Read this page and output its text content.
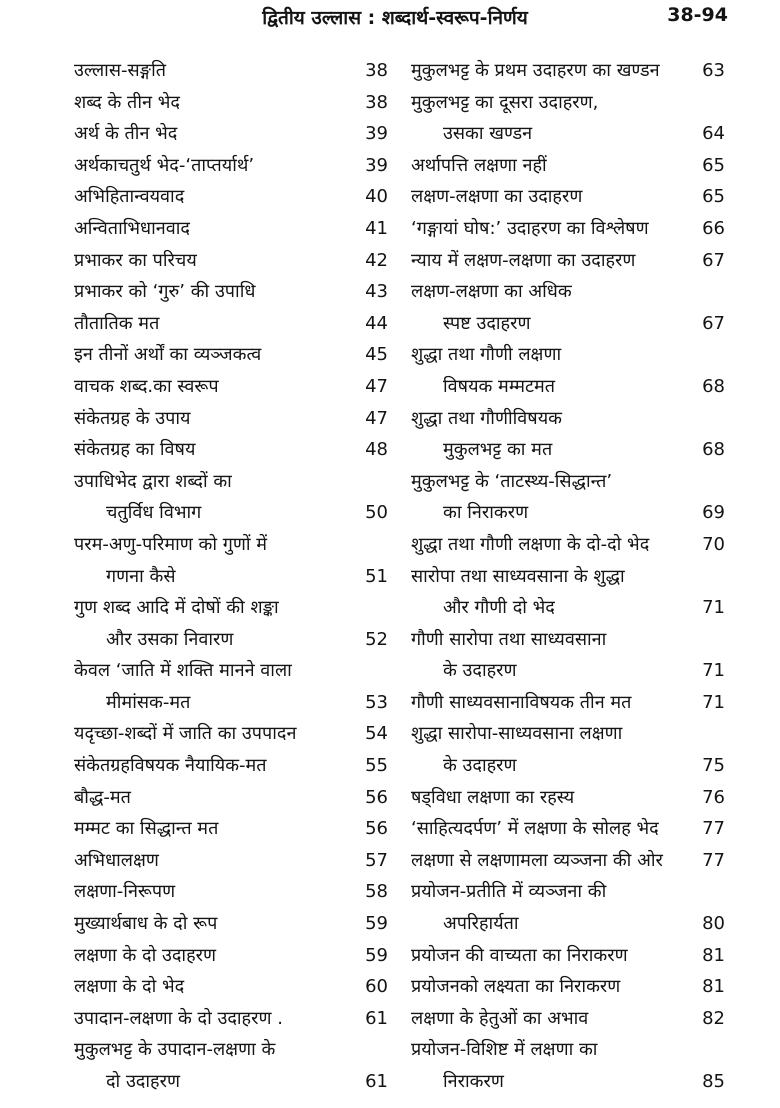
द्वितीय उल्लास : शब्दार्थ-स्वरूप-निर्णय	38-94
उल्लास-सङ्गति	38
शब्द के तीन भेद	38
अर्थ के तीन भेद	39
अर्थकाचतुर्थ भेद-‘ताप्तर्यार्थ’	39
अभिहितान्वयवाद	40
अन्विताभिधानवाद	41
प्रभाकर का परिचय	42
प्रभाकर को ‘गुरु’ की उपाधि	43
तौतातिक मत	44
इन तीनों अर्थों का व्यञ्जकत्व	45
वाचक शब्द.का स्वरूप	47
संकेतग्रह के उपाय	47
संकेतग्रह का विषय	48
उपाधिभेद द्वारा शब्दों का
चतुर्विध विभाग	50
परम-अणु-परिमाण को गुणों में
गणना कैसे	51
गुण शब्द आदि में दोषों की शङ्का
और उसका निवारण	52
केवल ‘जाति में शक्ति मानने वाला
मीमांसक-मत	53
यदृच्छा-शब्दों में जाति का उपपादन	54
संकेतग्रहविषयक नैयायिक-मत	55
बौद्ध-मत	56
मम्मट का सिद्धान्त मत	56
अभिधालक्षण	57
लक्षणा-निरूपण	58
मुख्यार्थबाध के दो रूप	59
लक्षणा के दो उदाहरण	59
लक्षणा के दो भेद	60
उपादान-लक्षणा के दो उदाहरण .	61
मुकुलभट्ट के उपादान-लक्षणा के
दो उदाहरण	61
मुकुलभट्ट के प्रथम उदाहरण का खण्डन 63
मुकुलभट्ट का दूसरा उदाहरण,
उसका खण्डन	64
अर्थापत्ति लक्षणा नहीं	65
लक्षण-लक्षणा का उदाहरण	65
‘गङ्गायां घोष:’ उदाहरण का विश्लेषण	66
न्याय में लक्षण-लक्षणा का उदाहरण	67
लक्षण-लक्षणा का अधिक
स्पष्ट उदाहरण	67
शुद्धा तथा गौणी लक्षणा
विषयक मम्मटमत	68
शुद्धा तथा गौणीविषयक
मुकुलभट्ट का मत	68
मुकुलभट्ट के ‘ताटस्थ्य-सिद्धान्त’
का निराकरण	69
शुद्धा तथा गौणी लक्षणा के दो-दो भेद	70
सारोपा तथा साध्यवसाना के शुद्धा
और गौणी दो भेद	71
गौणी सारोपा तथा साध्यवसाना
के उदाहरण	71
गौणी साध्यवसानाविषयक तीन मत	71
शुद्धा सारोपा-साध्यवसाना लक्षणा
के उदाहरण	75
षड्विधा लक्षणा का रहस्य	76
‘साहित्यदर्पण’ में लक्षणा के सोलह भेद 77
लक्षणा से लक्षणामला व्यञ्जना की ओर 77
प्रयोजन-प्रतीति में व्यञ्जना की
अपरिहार्यता	80
प्रयोजन की वाच्यता का निराकरण	81
प्रयोजनको लक्ष्यता का निराकरण	81
लक्षणा के हेतुओं का अभाव	82
प्रयोजन-विशिष्ट में लक्षणा का
निराकरण	85
